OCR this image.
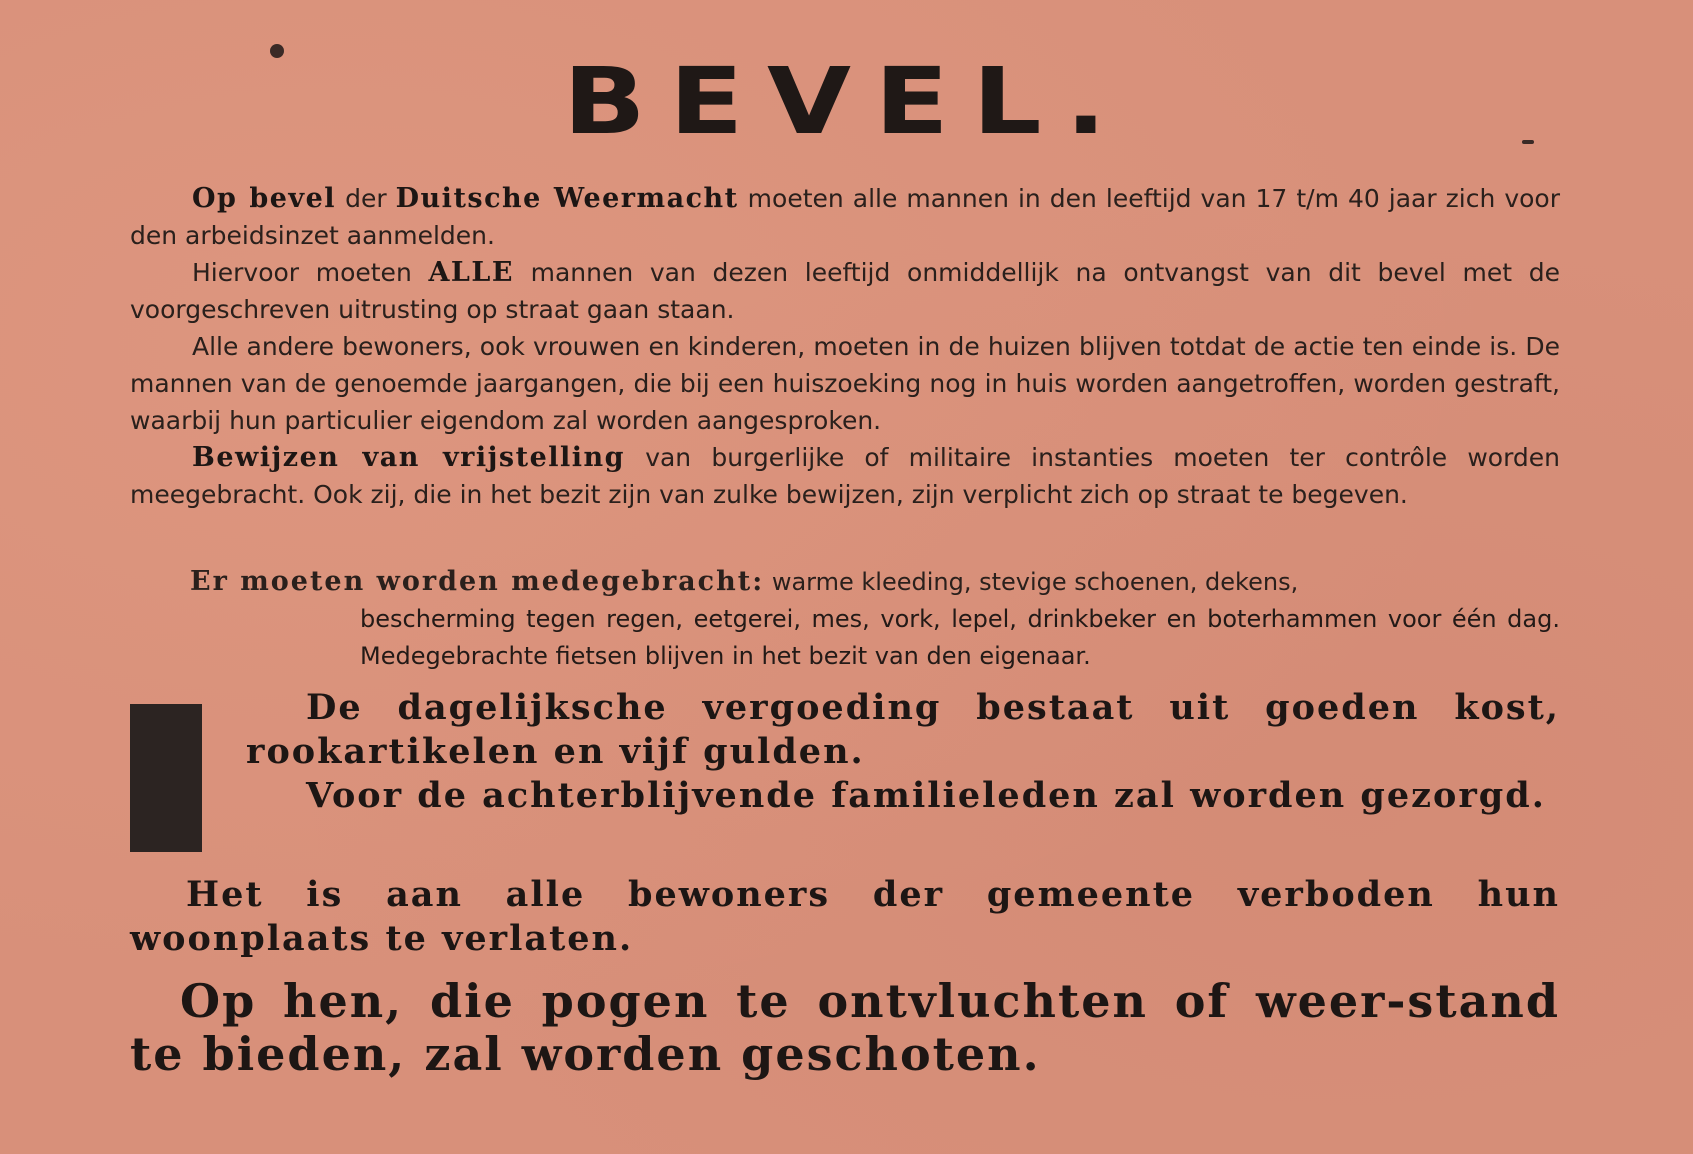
BEVEL.

Op bevel der Duitsche Weermacht moeten alle mannen in den leeftijd van 17 t/m 40 jaar zich voor den arbeidsinzet aanmelden.

Hiervoor moeten ALLE mannen van dezen leeftijd onmiddellijk na ontvangst van dit bevel met de voorgeschreven uitrusting op straat gaan staan.

Alle andere bewoners, ook vrouwen en kinderen, moeten in de huizen blijven totdat de actie ten einde is. De mannen van de genoemde jaargangen, die bij een huiszoeking nog in huis worden aangetroffen, worden gestraft, waarbij hun particulier eigendom zal worden aangesproken.

Bewijzen van vrijstelling van burgerlijke of militaire instanties moeten ter contrôle worden meegebracht. Ook zij, die in het bezit zijn van zulke bewijzen, zijn verplicht zich op straat te begeven.

Er moeten worden medegebracht: warme kleeding, stevige schoenen, dekens,
bescherming tegen regen, eetgerei, mes, vork, lepel, drinkbeker en boterhammen voor één dag. Medegebrachte fietsen blijven in het bezit van den eigenaar.

De dagelijksche vergoeding bestaat uit goeden kost, rookartikelen en vijf gulden.

Voor de achterblijvende familieleden zal worden gezorgd.

Het is aan alle bewoners der gemeente verboden hun woonplaats te verlaten.

Op hen, die pogen te ontvluchten of weer-stand te bieden, zal worden geschoten.
